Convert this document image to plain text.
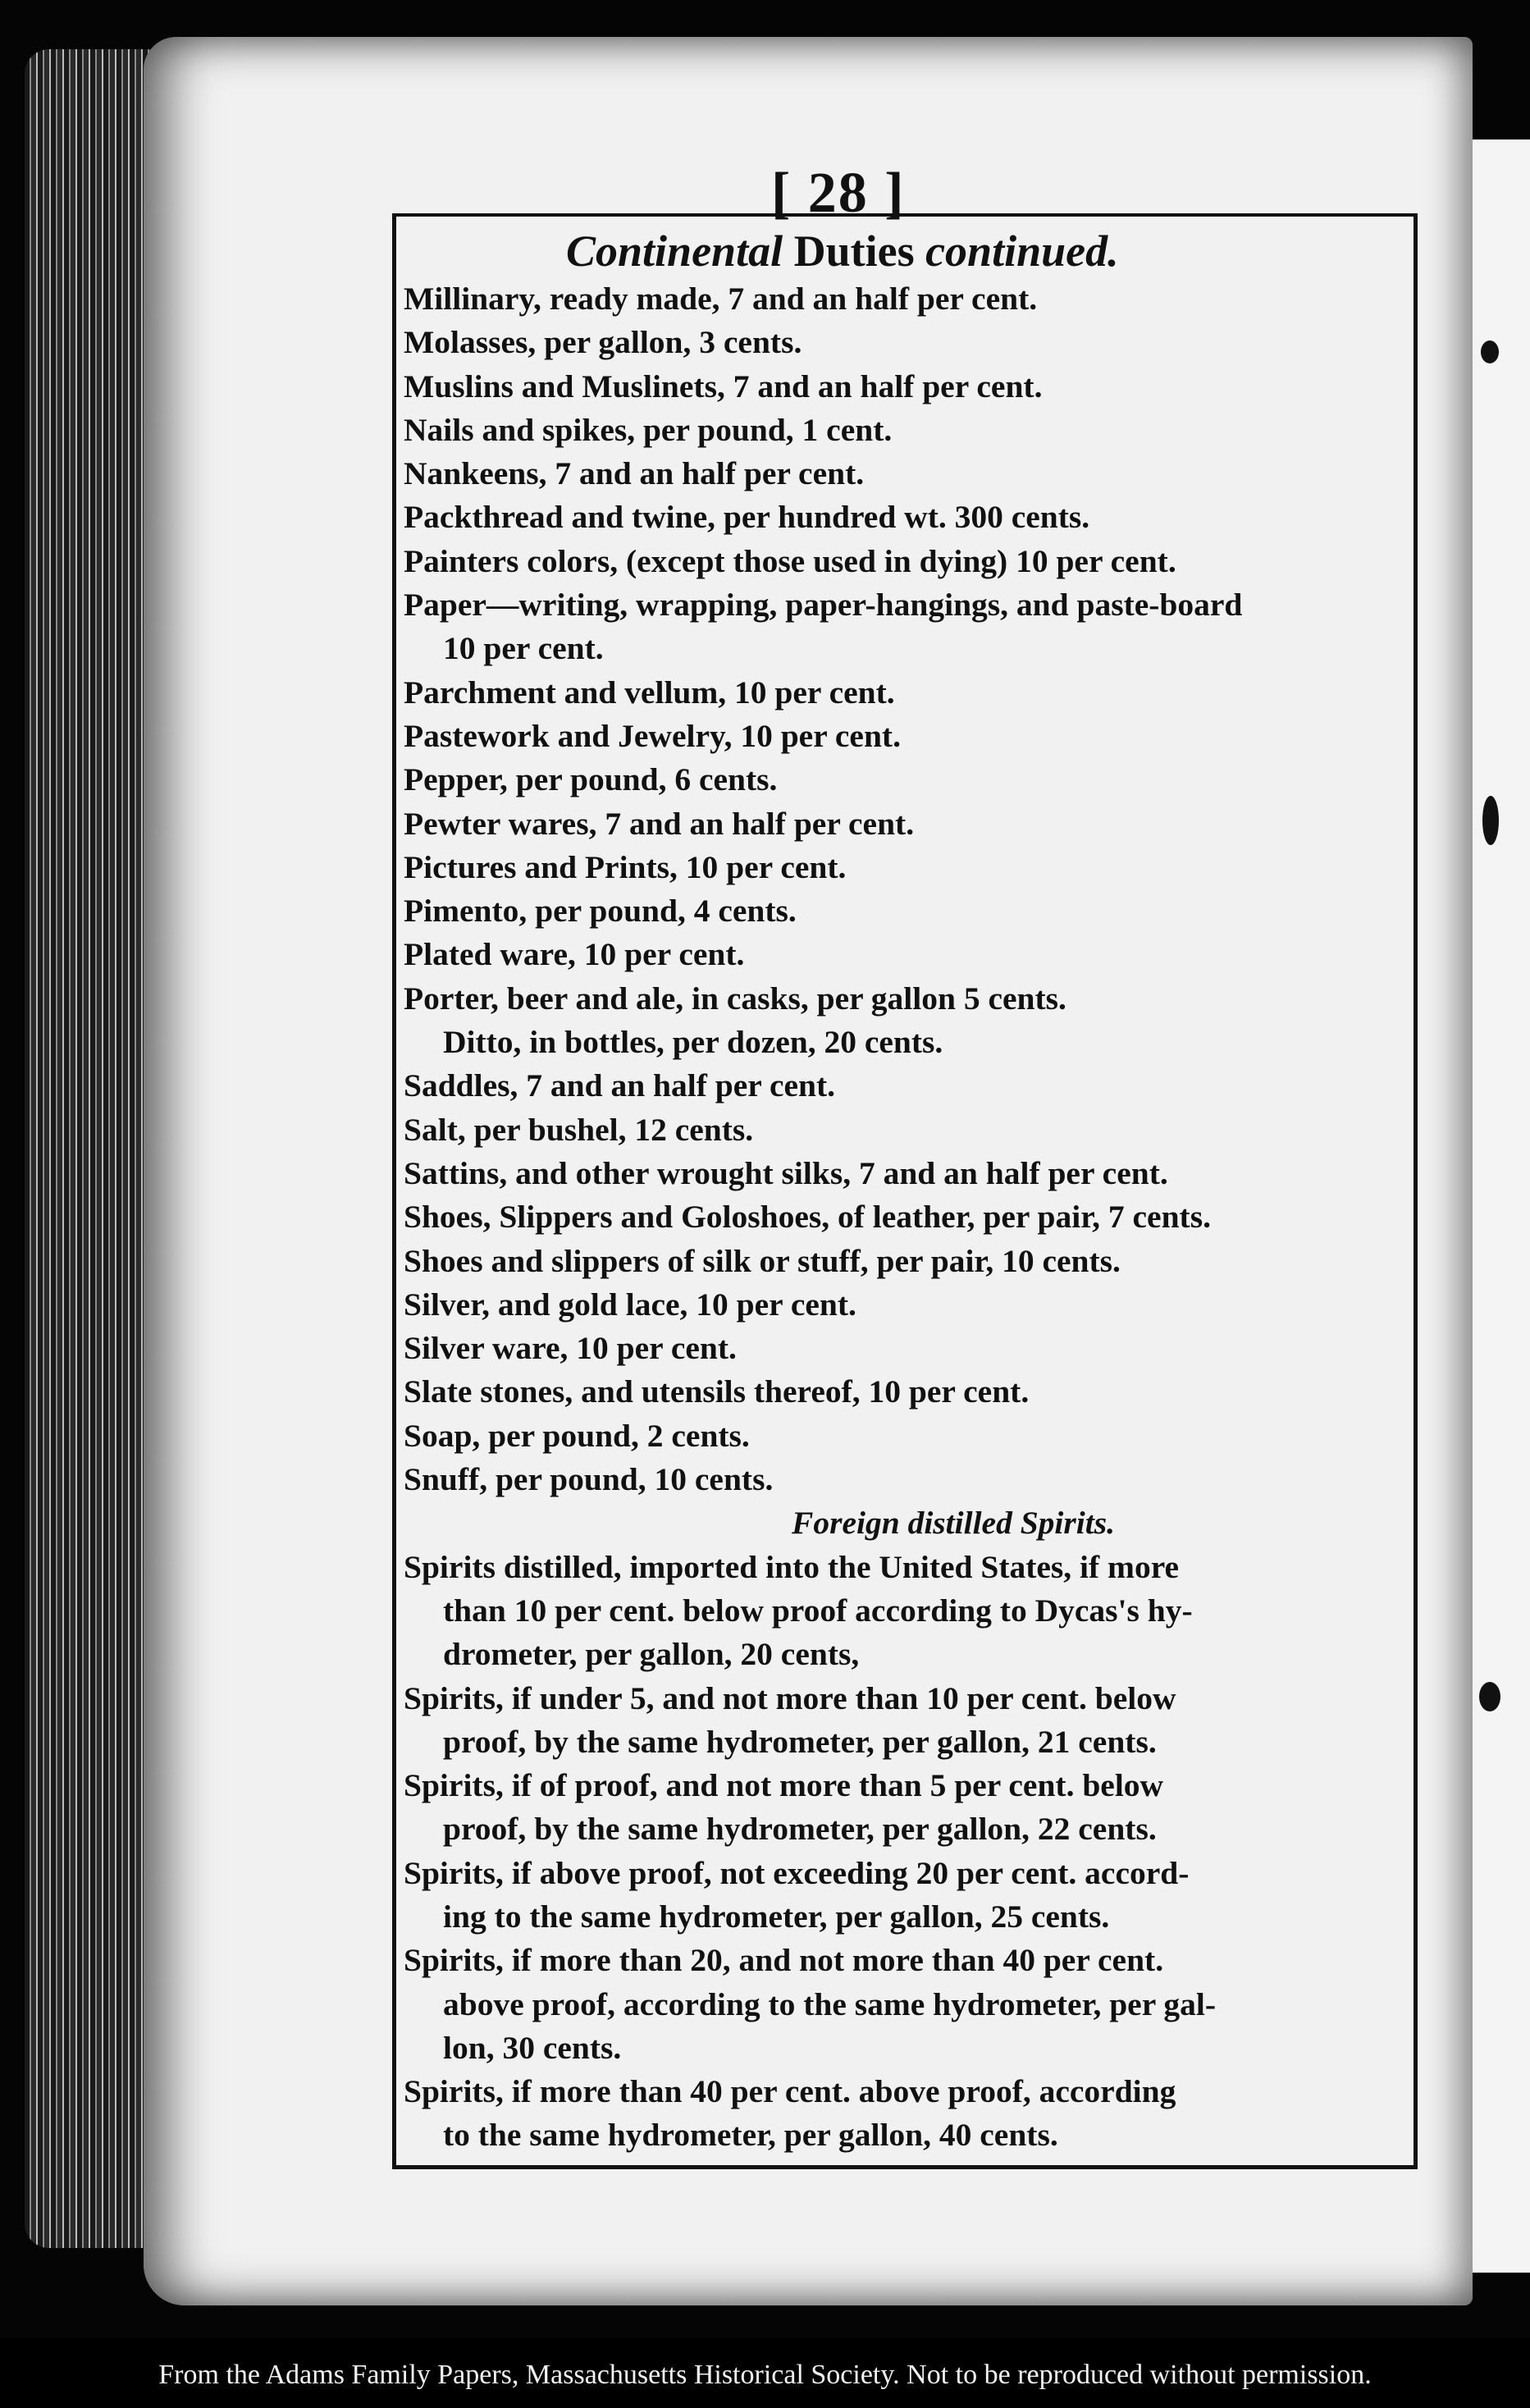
[ 28 ]
Continental Duties continued.
Millinary, ready made, 7 and an half per cent.
Molasses, per gallon, 3 cents.
Muslins and Muslinets, 7 and an half per cent.
Nails and spikes, per pound, 1 cent.
Nankeens, 7 and an half per cent.
Packthread and twine, per hundred wt. 300 cents.
Painters colors, (except those used in dying) 10 per cent.
Paper—writing, wrapping, paper-hangings, and paste-board
10 per cent.
Parchment and vellum, 10 per cent.
Pastework and Jewelry, 10 per cent.
Pepper, per pound, 6 cents.
Pewter wares, 7 and an half per cent.
Pictures and Prints, 10 per cent.
Pimento, per pound, 4 cents.
Plated ware, 10 per cent.
Porter, beer and ale, in casks, per gallon 5 cents.
Ditto, in bottles, per dozen, 20 cents.
Saddles, 7 and an half per cent.
Salt, per bushel, 12 cents.
Sattins, and other wrought silks, 7 and an half per cent.
Shoes, Slippers and Goloshoes, of leather, per pair, 7 cents.
Shoes and slippers of silk or stuff, per pair, 10 cents.
Silver, and gold lace, 10 per cent.
Silver ware, 10 per cent.
Slate stones, and utensils thereof, 10 per cent.
Soap, per pound, 2 cents.
Snuff, per pound, 10 cents.
Foreign distilled Spirits.
Spirits distilled, imported into the United States, if more
than 10 per cent. below proof according to Dycas's hy-
drometer, per gallon, 20 cents,
Spirits, if under 5, and not more than 10 per cent. below
proof, by the same hydrometer, per gallon, 21 cents.
Spirits, if of proof, and not more than 5 per cent. below
proof, by the same hydrometer, per gallon, 22 cents.
Spirits, if above proof, not exceeding 20 per cent. accord-
ing to the same hydrometer, per gallon, 25 cents.
Spirits, if more than 20, and not more than 40 per cent.
above proof, according to the same hydrometer, per gal-
lon, 30 cents.
Spirits, if more than 40 per cent. above proof, according
to the same hydrometer, per gallon, 40 cents.
From the Adams Family Papers, Massachusetts Historical Society. Not to be reproduced without permission.
